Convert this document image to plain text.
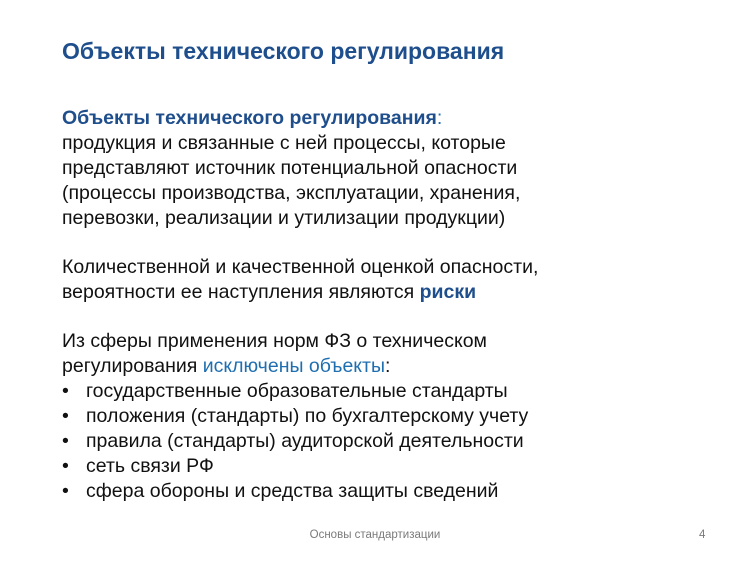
Объекты технического регулирования

Объекты технического регулирования:
продукция и связанные с ней процессы, которые
представляют источник потенциальной опасности
(процессы производства, эксплуатации, хранения,
перевозки, реализации и утилизации продукции)

Количественной и качественной оценкой опасности,
вероятности ее наступления являются риски

Из сферы применения норм ФЗ о техническом
регулирования исключены объекты:

• государственные образовательные стандарты
• положения (стандарты) по бухгалтерскому учету
• правила (стандарты) аудиторской деятельности
• сеть связи РФ
• сфера обороны и средства защиты сведений
Основы стандартизации	4
